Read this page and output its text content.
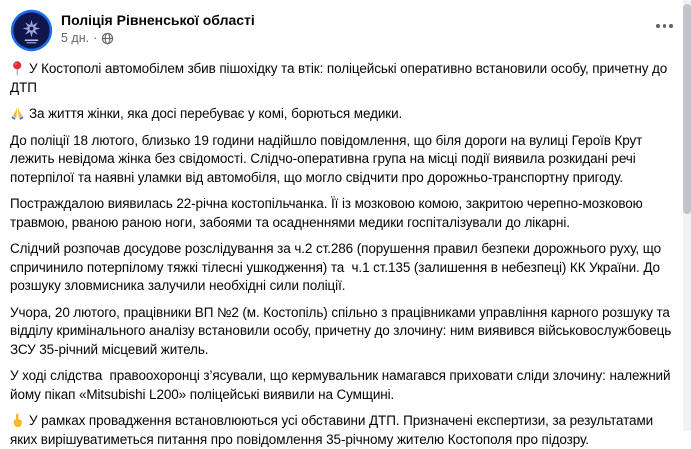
Поліція Рівненської області
5 дн. ·
У Костополі автомобілем збив пішохідку та втік: поліцейські оперативно встановили особу, причетну до ДТП
За життя жінки, яка досі перебуває у комі, борються медики.
До поліції 18 лютого, близько 19 години надійшло повідомлення, що біля дороги на вулиці Героїв Крут лежить невідома жінка без свідомості. Слідчо-оперативна група на місці події виявила розкидані речі потерпілої та наявні уламки від автомобіля, що могло свідчити про дорожньо-транспортну пригоду.
Постраждалою виявилась 22-річна костопільчанка. Її із мозковою комою, закритою черепно-мозковою травмою, рваною раною ноги, забоями та осадненнями медики госпіталізували до лікарні.
Слідчий розпочав досудове розслідування за ч.2 ст.286 (порушення правил безпеки дорожнього руху, що спричинило потерпілому тяжкі тілесні ушкодження) та  ч.1 ст.135 (залишення в небезпеці) КК України. До розшуку зловмисника залучили необхідні сили поліції.
Учора, 20 лютого, працівники ВП №2 (м. Костопіль) спільно з працівниками управління карного розшуку та відділу кримінального аналізу встановили особу, причетну до злочину: ним виявився військовослужбовець ЗСУ 35-річний місцевий житель.
У ході слідства  правоохоронці з’ясували, що кермувальник намагався приховати сліди злочину: належний йому пікап «Mitsubishi L200» поліцейські виявили на Сумщині.
У рамках провадження встановлюються усі обставини ДТП. Призначені експертизи, за результатами яких вирішуватиметься питання про повідомлення 35-річному жителю Костополя про підозру.
